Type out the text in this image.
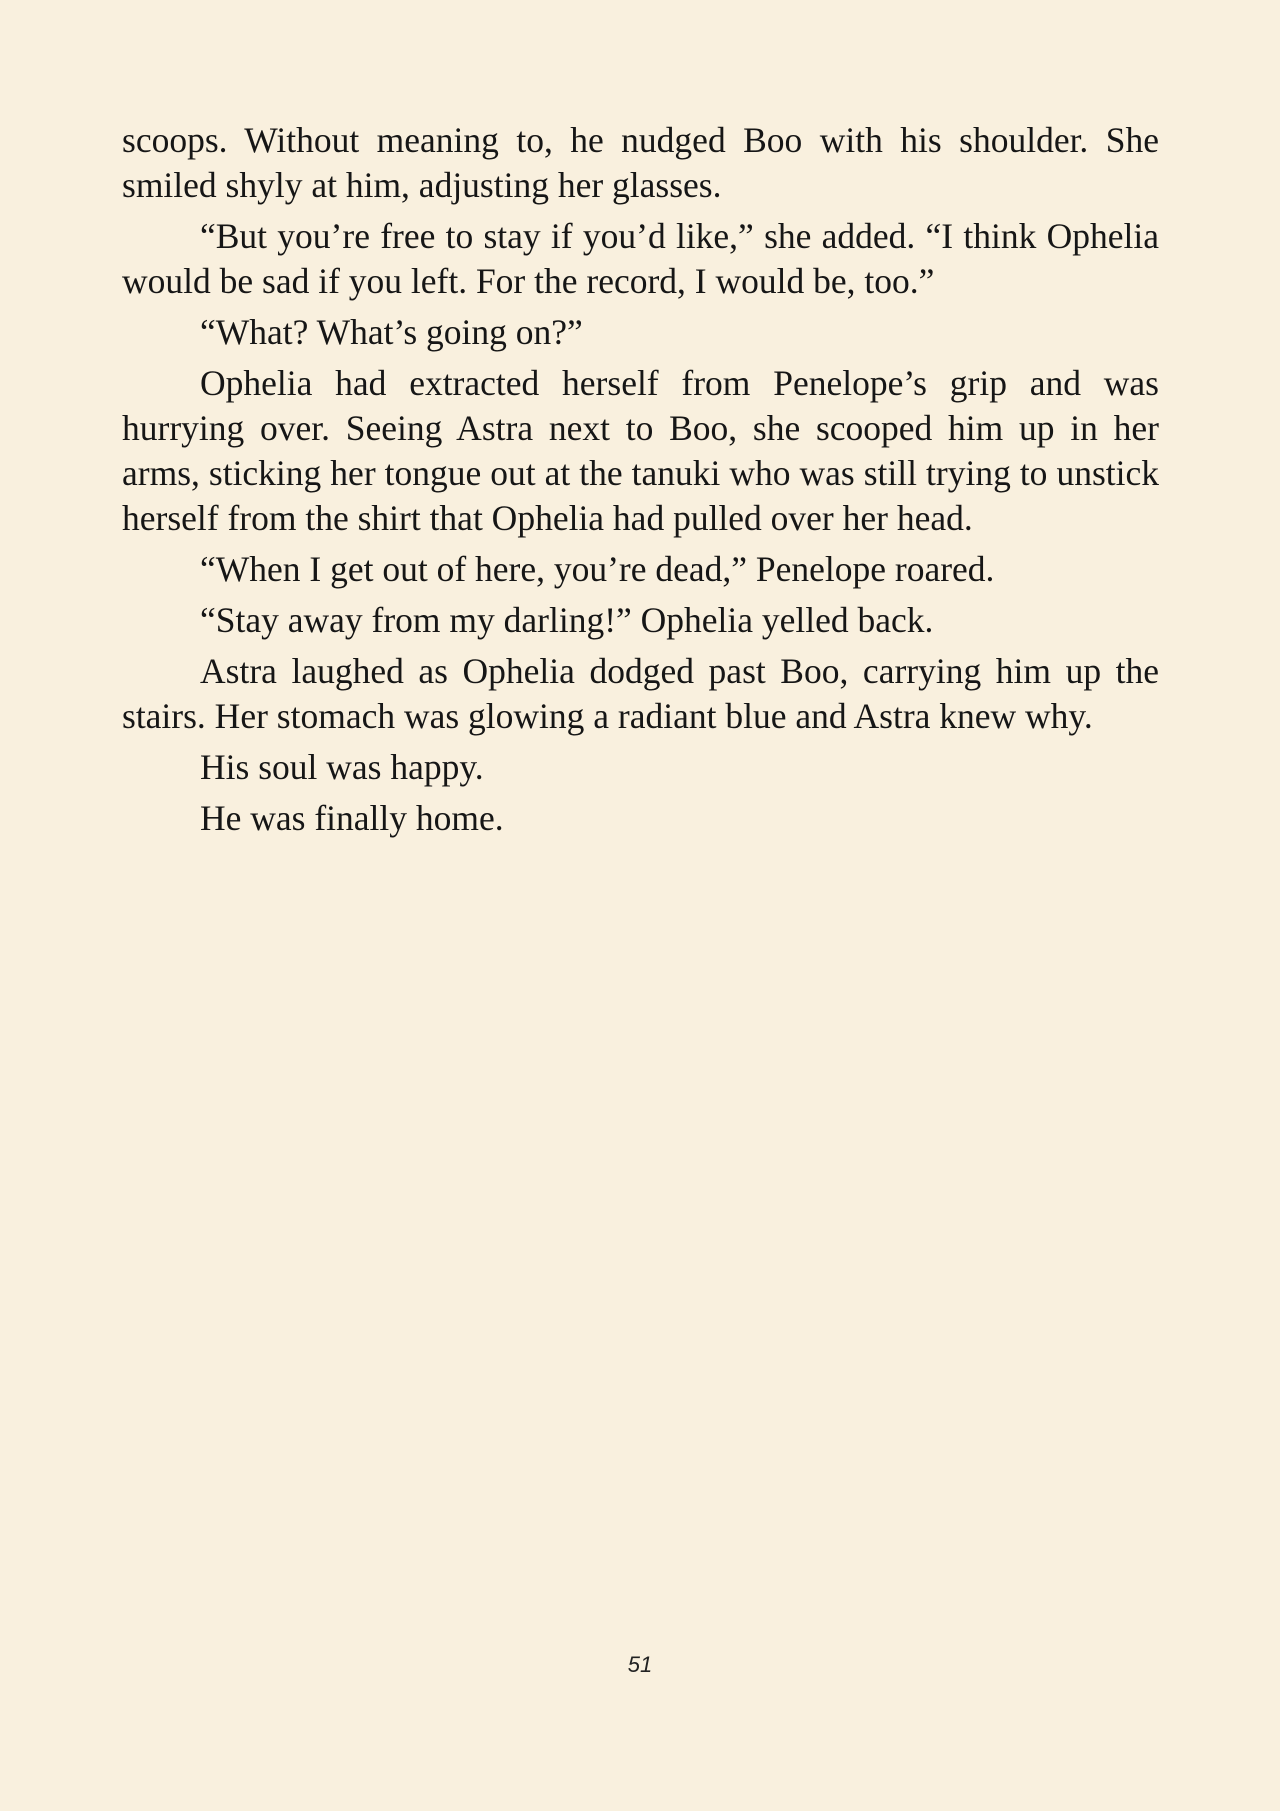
scoops. Without meaning to, he nudged Boo with his shoulder. She smiled shyly at him, adjusting her glasses.

“But you’re free to stay if you’d like,” she added. “I think Ophelia would be sad if you left. For the record, I would be, too.”

“What? What’s going on?”

Ophelia had extracted herself from Penelope’s grip and was hurrying over. Seeing Astra next to Boo, she scooped him up in her arms, sticking her tongue out at the tanuki who was still trying to unstick herself from the shirt that Ophelia had pulled over her head.

“When I get out of here, you’re dead,” Penelope roared.

“Stay away from my darling!” Ophelia yelled back.

Astra laughed as Ophelia dodged past Boo, carrying him up the stairs. Her stomach was glowing a radiant blue and Astra knew why.

His soul was happy.

He was finally home.

51
